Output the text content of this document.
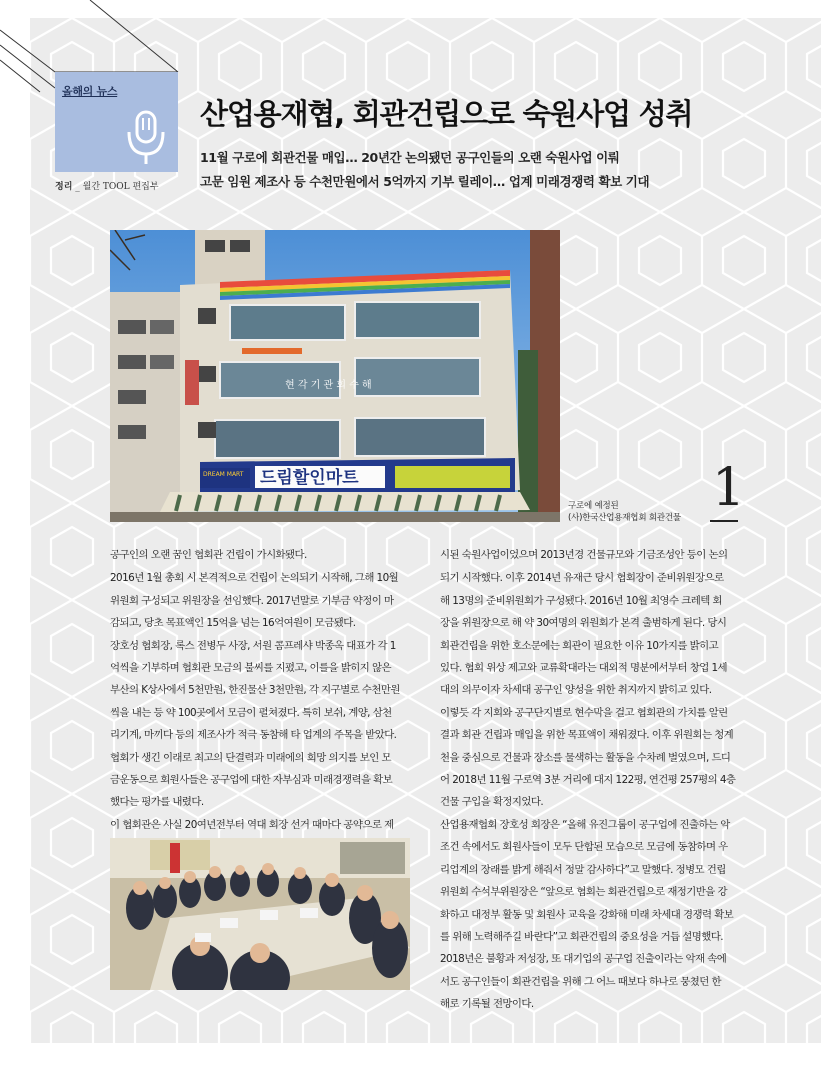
올해의 뉴스
정리 _ 월간 TOOL 편집부
산업용재협, 회관건립으로 숙원사업 성취
11월 구로에 회관건물 매입… 20년간 논의됐던 공구인들의 오랜 숙원사업 이뤄
고문 임원 제조사 등 수천만원에서 5억까지 기부 릴레이… 업계 미래경쟁력 확보 기대
현 각 기 관 회 수 해
DREAM MART 드림할인마트
구로에 예정된
(사)한국산업용재협회 회관건물 1

공구인의 오랜 꿈인 협회관 건립이 가시화됐다.

2016년 1월 총회 시 본격적으로 건립이 논의되기 시작해, 그해 10월

위원회 구성되고 위원장을 선임했다. 2017년말로 기부금 약정이 마

감되고, 당초 목표액인 15억을 넘는 16억여원이 모금됐다.

장호성 협회장, 록스 전병두 사장, 서원 콤프레샤 박종옥 대표가 각 1

억씩을 기부하며 협회관 모금의 불씨를 지폈고, 이를을 밝히지 않은

부산의 K상사에서 5천만원, 한진물산 3천만원, 각 지구별로 수천만원

씩을 내는 등 약 100곳에서 모금이 펼쳐졌다. 특히 보쉬, 계양, 삼천

리기계, 마끼다 등의 제조사가 적극 동참해 타 업계의 주목을 받았다.

협회가 생긴 이래로 최고의 단결력과 미래에의 희망 의지를 보인 모

금운동으로 회원사들은 공구업에 대한 자부심과 미래경쟁력을 확보

했다는 평가를 내렸다.

이 협회관은 사실 20여년전부터 역대 회장 선거 때마다 공약으로 제

시된 숙원사업이었으며 2013년경 건물규모와 기금조성안 등이 논의

되기 시작했다. 이후 2014년 유재근 당시 협회장이 준비위원장으로

해 13명의 준비위원회가 구성됐다. 2016년 10월 최영수 크레텍 회

장을 위원장으로 해 약 30여명의 위원회가 본격 출범하게 된다. 당시

회관건립을 위한 호소문에는 회관이 필요한 이유 10가지를 밝히고

있다. 협회 위상 제고와 교류확대라는 대외적 명분에서부터 창업 1세

대의 의무이자 차세대 공구인 양성을 위한 취지까지 밝히고 있다.

이렇듯 각 지회와 공구단지별로 현수막을 걸고 협회관의 가치를 알린

결과 회관 건립과 매입을 위한 목표액이 채워졌다. 이후 위원회는 청계

천을 중심으로 건물과 장소를 물색하는 활동을 수차례 벌였으며, 드디

어 2018년 11월 구로역 3분 거리에 대지 122평, 연건평 257평의 4층

건물 구입을 확정지었다.

산업용재협회 장호성 회장은 “올해 유진그룹이 공구업에 진출하는 악

조건 속에서도 회원사들이 모두 단합된 모습으로 모금에 동참하며 우

리업계의 장래를 밝게 해줘서 정말 감사하다”고 말했다. 정병모 건립

위원회 수석부위원장은 “앞으로 협회는 회관건립으로 재정기반을 강

화하고 대정부 활동 및 회원사 교육을 강화해 미래 차세대 경쟁력 확보

를 위해 노력해주길 바란다”고 회관건립의 중요성을 거듭 설명했다.

2018년은 불황과 저성장, 또 대기업의 공구업 진출이라는 악재 속에

서도 공구인들이 회관건립을 위해 그 어느 때보다 하나로 뭉쳤던 한

해로 기록될 전망이다.
